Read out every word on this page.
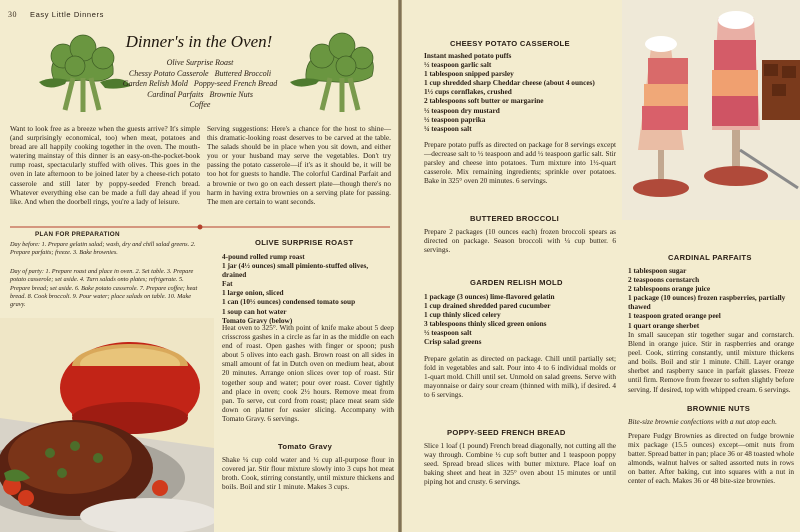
30 Easy Little Dinners
Dinner's in the Oven!
Olive Surprise Roast
Chessy Potato Casserole   Buttered Broccoli
Garden Relish Mold   Poppy-seed French Bread
Cardinal Parfaits   Brownie Nuts
Coffee
Want to look free as a breeze when the guests arrive? It's simple (and surprisingly economical, too) when meat, potatoes and bread are all happily cooking together in the oven. The mouth-watering mainstay of this dinner is an easy-on-the-pocket-book rump roast, spectacularly stuffed with olives. This goes in the oven in late afternoon to be joined later by a cheese-rich potato casserole and still later by poppy-seeded French bread. Whatever everything else can be made a full day ahead if you like. And when the doorbell rings, you're a lady of leisure.
Serving suggestions: Here's a chance for the host to shine—this dramatic-looking roast deserves to be carved at the table. The salads should be in place when you sit down, and either you or your husband may serve the vegetables. Don't try passing the potato casserole—if it's as it should be, it will be too hot for guests to handle. The colorful Cardinal Parfait and a brownie or two go on each dessert plate—though there's no harm in having extra brownies on a serving plate for passing. The men are certain to want seconds.
PLAN FOR PREPARATION
Day before: 1. Prepare gelatin salad; wash, dry and chill salad greens. 2. Prepare parfaits; freeze. 3. Bake brownies.
Day of party: 1. Prepare roast and place in oven. 2. Set table. 3. Prepare potato casserole; set aside. 4. Turn salads onto plates; refrigerate. 5. Prepare bread; set aside. 6. Bake potato casserole. 7. Prepare coffee; heat bread. 8. Cook broccoli. 9. Pour water; place salads on table. 10. Make gravy.
OLIVE SURPRISE ROAST
4-pound rolled rump roast
1 jar (4½ ounces) small pimiento-stuffed olives, drained
Fat
1 large onion, sliced
1 can (10½ ounces) condensed tomato soup
1 soup can hot water
Tomato Gravy (below)
Heat oven to 325°. With point of knife make about 5 deep crisscross gashes in a circle as far in as the middle on each end of roast. Open gashes with finger or spoon; push about 5 olives into each gash. Brown roast on all sides in small amount of fat in Dutch oven on medium heat, about 20 minutes. Arrange onion slices over top of roast. Stir together soup and water; pour over roast. Cover tightly and place in oven; cook 2½ hours. Remove meat from pan. To serve, cut cord from roast; place meat seam side down on platter for easier slicing. Accompany with Tomato Gravy. 6 servings.
Tomato Gravy
Shake ¼ cup cold water and ½ cup all-purpose flour in covered jar. Stir flour mixture slowly into 3 cups hot meat broth. Cook, stirring constantly, until mixture thickens and boils. Boil and stir 1 minute. Makes 3 cups.
CHEESY POTATO CASSEROLE
Instant mashed potato puffs
½ teaspoon garlic salt
1 tablespoon snipped parsley
1 cup shredded sharp Cheddar cheese (about 4 ounces)
1½ cups cornflakes, crushed
2 tablespoons soft butter or margarine
½ teaspoon dry mustard
½ teaspoon paprika
¼ teaspoon salt
Prepare potato puffs as directed on package for 8 servings except—decrease salt to ½ teaspoon and add ½ teaspoon garlic salt. Stir parsley and cheese into potatoes. Turn mixture into 1½-quart casserole. Mix remaining ingredients; sprinkle over potatoes. Bake in 325° oven 20 minutes. 6 servings.
BUTTERED BROCCOLI
Prepare 2 packages (10 ounces each) frozen broccoli spears as directed on package. Season broccoli with ¼ cup butter. 6 servings.
GARDEN RELISH MOLD
1 package (3 ounces) lime-flavored gelatin
1 cup drained shredded pared cucumber
1 cup thinly sliced celery
3 tablespoons thinly sliced green onions
½ teaspoon salt
Crisp salad greens
Prepare gelatin as directed on package. Chill until partially set; fold in vegetables and salt. Pour into 4 to 6 individual molds or 1-quart mold. Chill until set. Unmold on salad greens. Serve with mayonnaise or dairy sour cream (thinned with milk), if desired. 4 to 6 servings.
POPPY-SEED FRENCH BREAD
Slice 1 loaf (1 pound) French bread diagonally, not cutting all the way through. Combine ½ cup soft butter and 1 teaspoon poppy seed. Spread bread slices with butter mixture. Place loaf on baking sheet and heat in 325° oven about 15 minutes or until piping hot and crusty. 6 servings.
CARDINAL PARFAITS
1 tablespoon sugar
2 teaspoons cornstarch
2 tablespoons orange juice
1 package (10 ounces) frozen raspberries, partially thawed
1 teaspoon grated orange peel
1 quart orange sherbet
In small saucepan stir together sugar and cornstarch. Blend in orange juice. Stir in raspberries and orange peel. Cook, stirring constantly, until mixture thickens and boils. Boil and stir 1 minute. Chill. Layer orange sherbet and raspberry sauce in parfait glasses. Freeze until firm. Remove from freezer to soften slightly before serving. If desired, top with whipped cream. 6 servings.
BROWNIE NUTS
Bite-size brownie confections with a nut atop each.
Prepare Fudgy Brownies as directed on fudge brownie mix package (15.5 ounces) except—omit nuts from batter. Spread batter in pan; place 36 or 48 toasted whole almonds, walnut halves or salted assorted nuts in rows on batter. After baking, cut into squares with a nut in center of each. Makes 36 or 48 bite-size brownies.
